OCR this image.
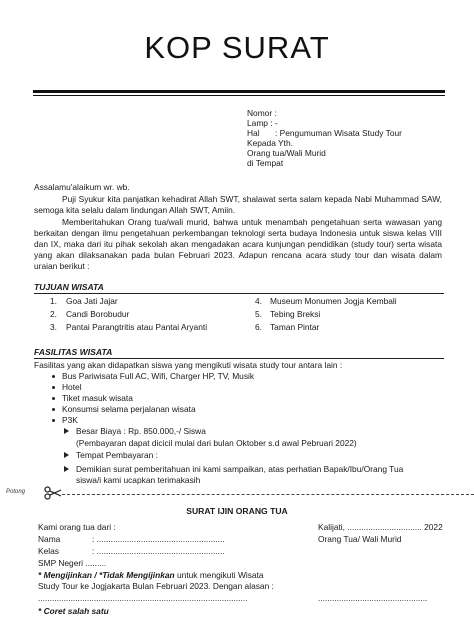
KOP SURAT
Nomor :
Lamp : -
Hal : Pengumuman Wisata Study Tour
Kepada Yth.
Orang tua/Wali Murid
di Tempat
Assalamu'alaikum wr. wb.
Puji Syukur kita panjatkan kehadirat Allah SWT, shalawat serta salam kepada Nabi Muhammad SAW, semoga kita selalu dalam lindungan Allah SWT, Amiin.
Memberitahukan Orang tua/wali murid, bahwa untuk menambah pengetahuan serta wawasan yang berkaitan dengan ilmu pengetahuan perkembangan teknologi serta budaya Indonesia untuk siswa kelas VIII dan IX, maka dari itu pihak sekolah akan mengadakan acara kunjungan pendidikan (study tour) serta wisata yang akan dilaksanakan pada bulan Februari 2023. Adapun rencana acara study tour dan wisata dalam uraian berikut :
TUJUAN WISATA
1. Goa Jati Jajar
2. Candi Borobudur
3. Pantai Parangtritis atau Pantai Aryanti
4. Museum Monumen Jogja Kembali
5. Tebing Breksi
6. Taman Pintar
FASILITAS WISATA
Fasilitas yang akan didapatkan siswa yang mengikuti wisata study tour antara lain :
Bus Pariwisata Full AC, Wifi, Charger HP, TV, Musik
Hotel
Tiket masuk wisata
Konsumsi selama perjalanan wisata
P3K
Besar Biaya : Rp. 850.000,-/ Siswa
(Pembayaran dapat dicicil mulai dari bulan Oktober s.d awal Pebruari 2022)
Tempat Pembayaran :
Demikian surat pemberitahuan ini kami sampaikan, atas perhatian Bapak/Ibu/Orang Tua
siswa/i kami ucapkan terimakasih
Potong
SURAT IJIN ORANG TUA
Kami orang tua dari :
Nama	: .......................................................
Kelas	: .......................................................
SMP Negeri .........
Kalijati, ................................ 2022
Orang Tua/ Wali Murid
* Mengijinkan / *Tidak Mengijinkan untuk mengikuti Wisata
Study Tour ke Jogjakarta Bulan Februari 2023. Dengan alasan :
..........................................................................................	...............................................
* Coret salah satu
